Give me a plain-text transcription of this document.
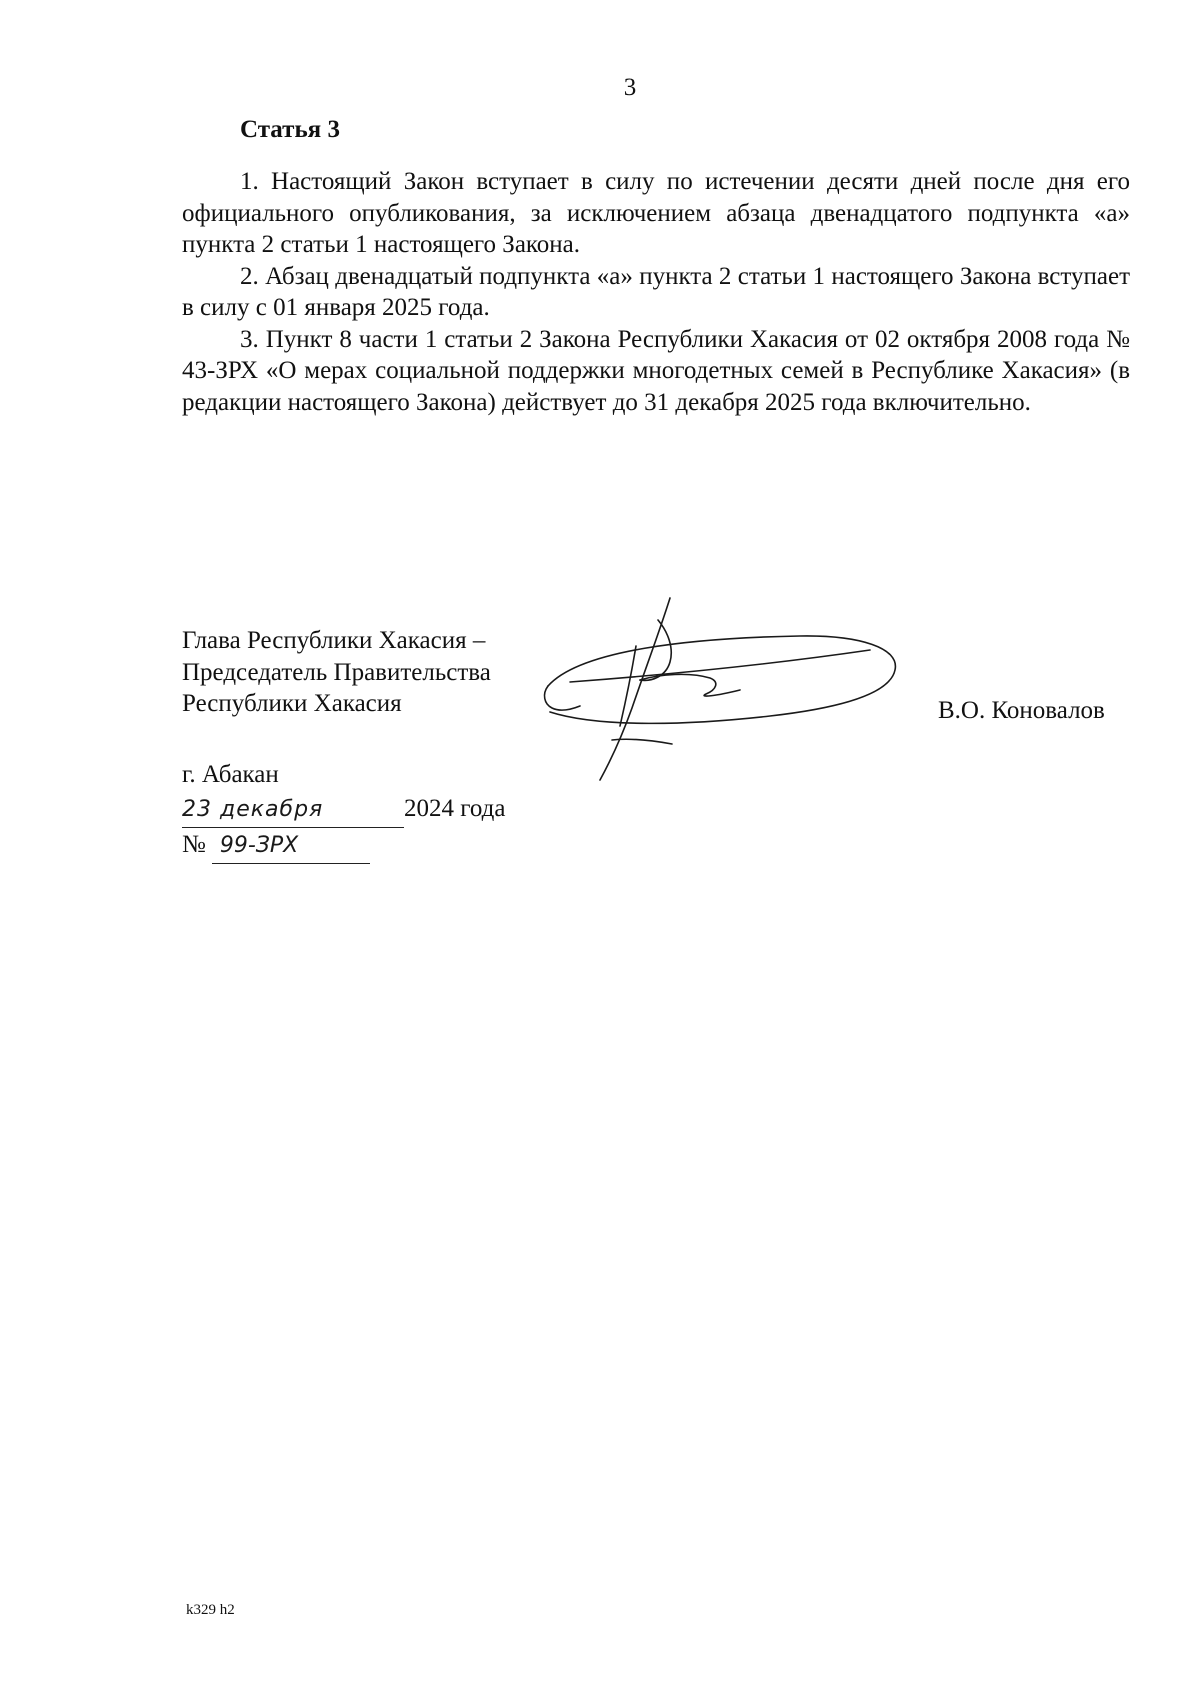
3
Статья 3

1. Настоящий Закон вступает в силу по истечении десяти дней после дня его официального опубликования, за исключением абзаца двенадцатого подпункта «а» пункта 2 статьи 1 настоящего Закона.

2. Абзац двенадцатый подпункта «а» пункта 2 статьи 1 настоящего Закона вступает в силу с 01 января 2025 года.

3. Пункт 8 части 1 статьи 2 Закона Республики Хакасия от 02 октября 2008 года № 43-ЗРХ «О мерах социальной поддержки многодетных семей в Республике Хакасия» (в редакции настоящего Закона) действует до 31 декабря 2025 года включительно.

Глава Республики Хакасия –
Председатель Правительства
Республики Хакасия	В.О. Коновалов
г. Абакан
23 декабря	2024 года
№ 99-ЗРХ
k329 h2
